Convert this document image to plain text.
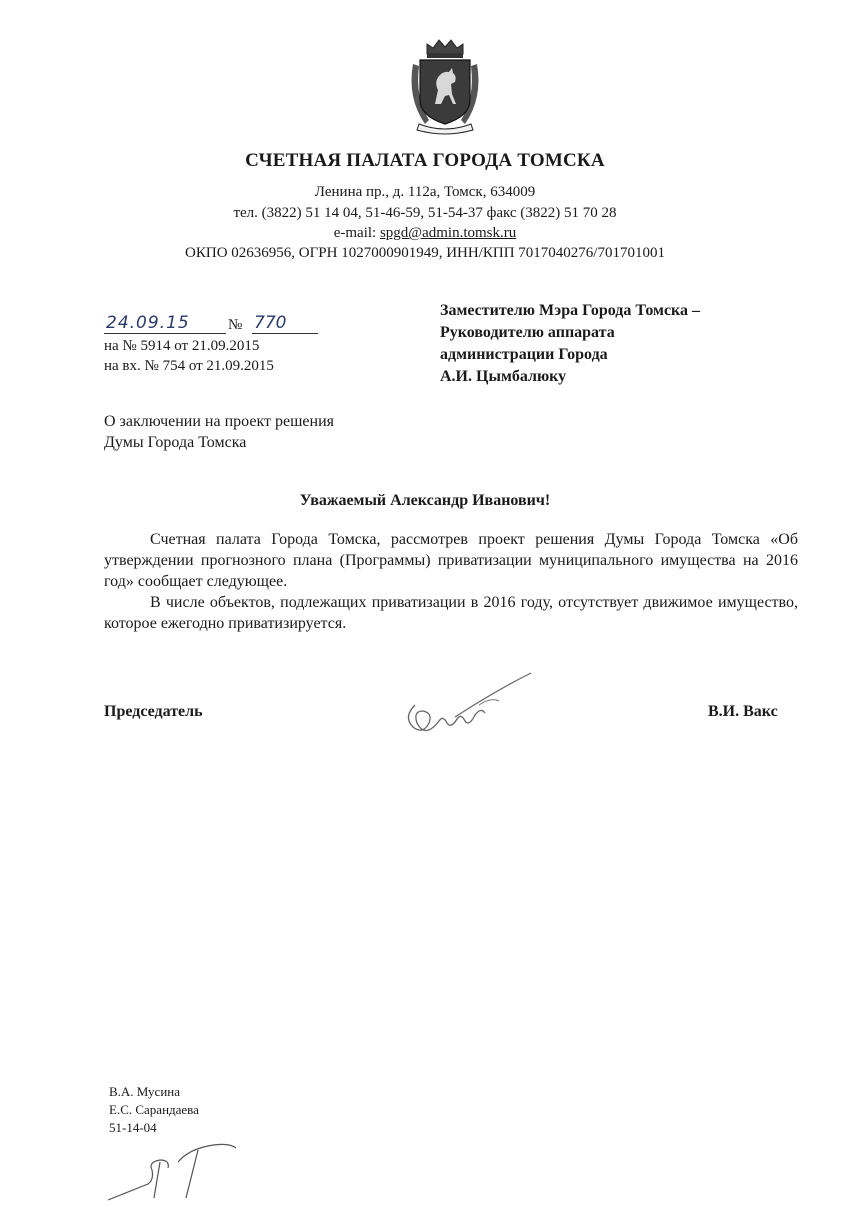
СЧЕТНАЯ ПАЛАТА ГОРОДА ТОМСКА
Ленина пр., д. 112а, Томск, 634009
тел. (3822) 51 14 04, 51-46-59, 51-54-37 факс (3822) 51 70 28
e-mail: spgd@admin.tomsk.ru
ОКПО 02636956, ОГРН 1027000901949, ИНН/КПП 7017040276/701701001
24.09.15	№ 770
на № 5914 от 21.09.2015
на вх. № 754 от 21.09.2015
Заместителю Мэра Города Томска –
Руководителю аппарата
администрации Города
А.И. Цымбалюку
О заключении на проект решения
Думы Города Томска
Уважаемый Александр Иванович!

Счетная палата Города Томска, рассмотрев проект решения Думы Города Томска «Об утверждении прогнозного плана (Программы) приватизации муниципального имущества на 2016 год» сообщает следующее.

В числе объектов, подлежащих приватизации в 2016 году, отсутствует движимое имущество, которое ежегодно приватизируется.

Председатель	В.И. Вакс
В.А. Мусина
Е.С. Сарандаева
51-14-04
